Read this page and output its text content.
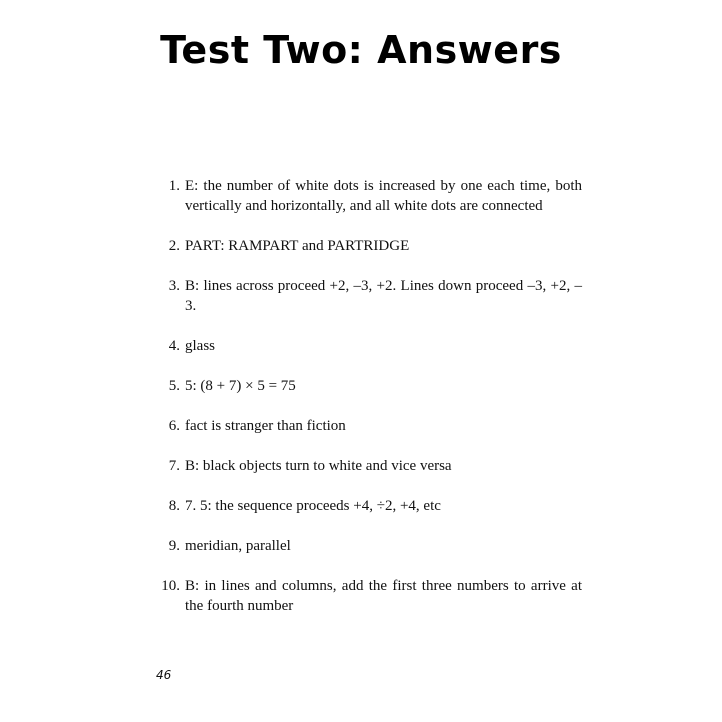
Test Two: Answers
1. E: the number of white dots is increased by one each time, both vertically and horizontally, and all white dots are connected
2. PART: RAMPART and PARTRIDGE
3. B: lines across proceed +2, –3, +2. Lines down proceed –3, +2, –3.
4. glass
5. 5: (8 + 7) × 5 = 75
6. fact is stranger than fiction
7. B: black objects turn to white and vice versa
8. 7. 5: the sequence proceeds +4, ÷2, +4, etc
9. meridian, parallel
10. B: in lines and columns, add the first three numbers to arrive at the fourth number
46
